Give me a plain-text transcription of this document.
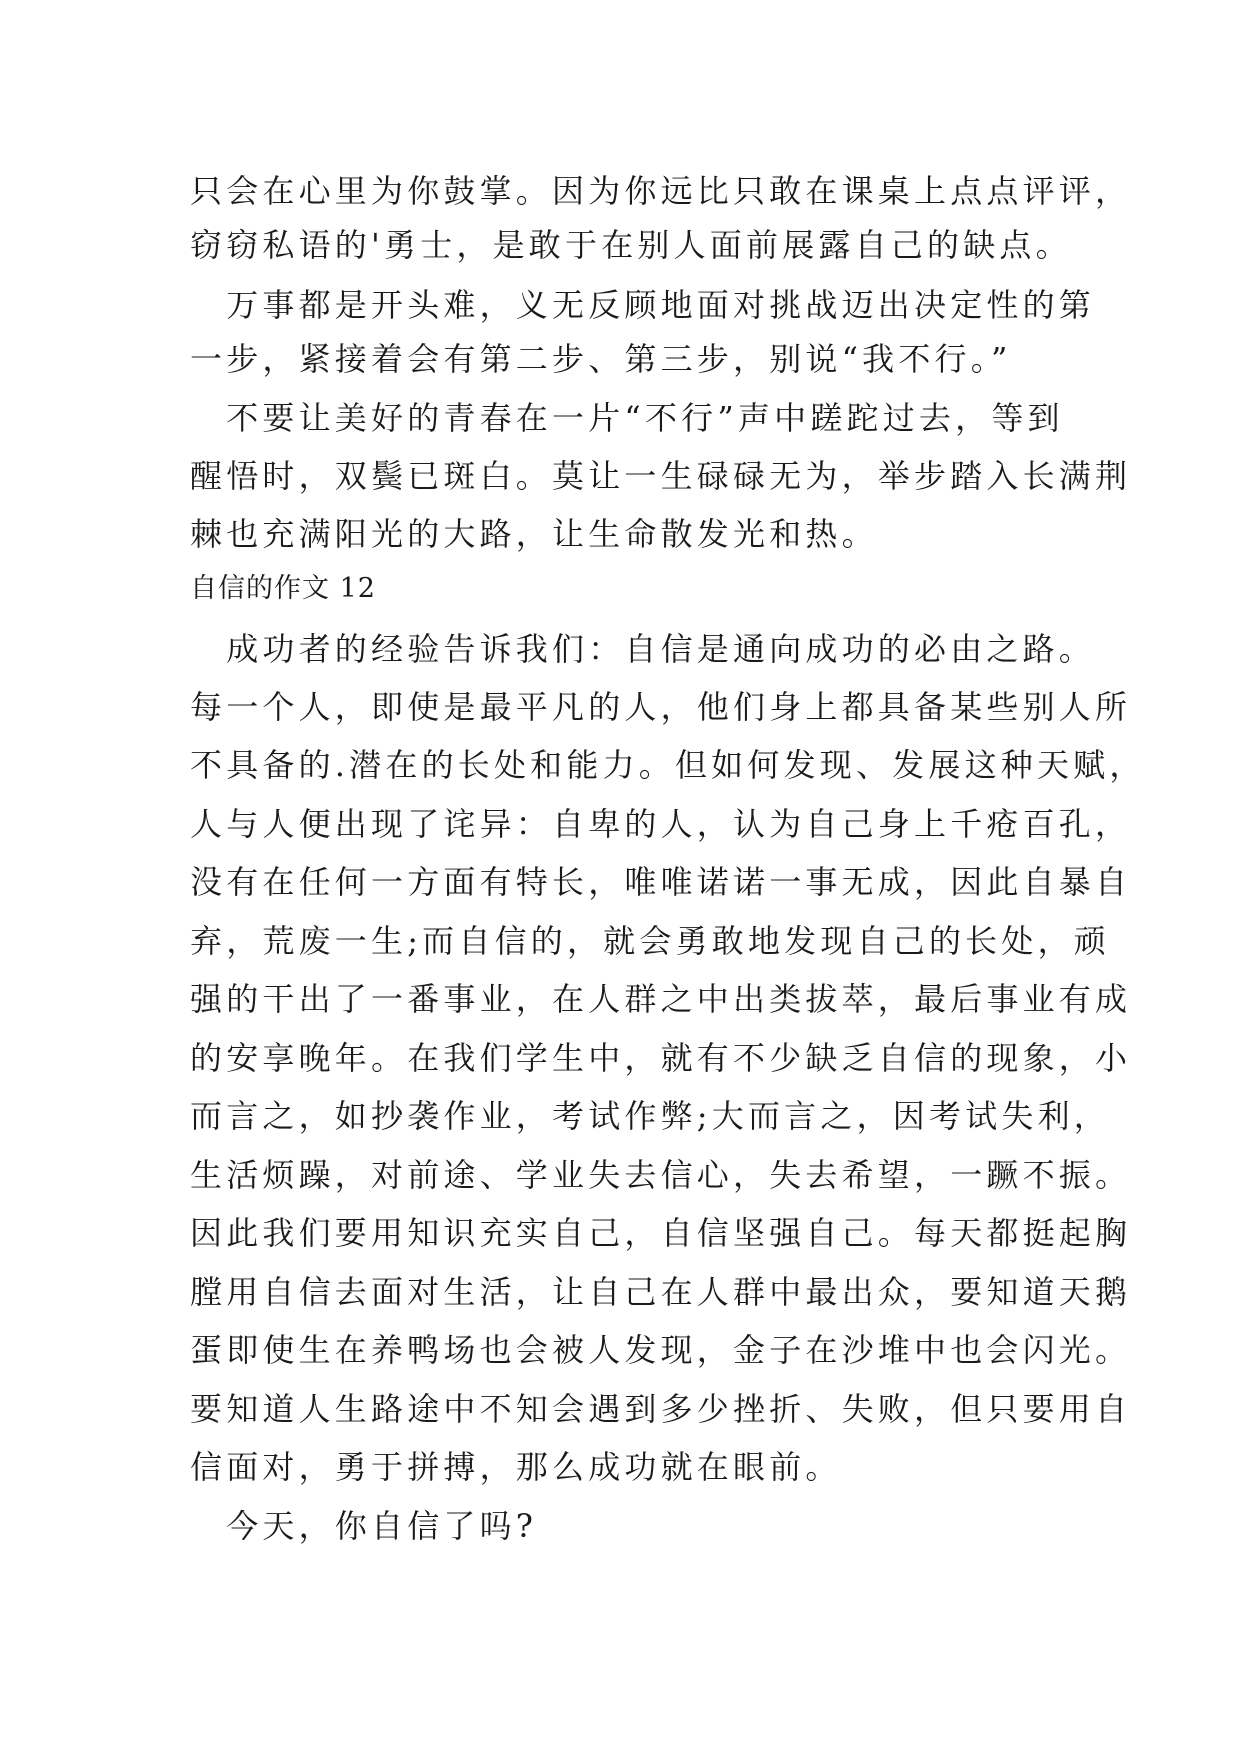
只会在心里为你鼓掌。因为你远比只敢在课桌上点点评评，
窃窃私语的'勇士，是敢于在别人面前展露自己的缺点。
　万事都是开头难，义无反顾地面对挑战迈出决定性的第
一步，紧接着会有第二步、第三步，别说“我不行。”
　不要让美好的青春在一片“不行”声中蹉跎过去，等到
醒悟时，双鬓已斑白。莫让一生碌碌无为，举步踏入长满荆
棘也充满阳光的大路，让生命散发光和热。
自信的作文 12
　成功者的经验告诉我们：自信是通向成功的必由之路。
每一个人，即使是最平凡的人，他们身上都具备某些别人所
不具备的.潜在的长处和能力。但如何发现、发展这种天赋，
人与人便出现了诧异：自卑的人，认为自己身上千疮百孔，
没有在任何一方面有特长，唯唯诺诺一事无成，因此自暴自
弃，荒废一生;而自信的，就会勇敢地发现自己的长处，顽
强的干出了一番事业，在人群之中出类拔萃，最后事业有成
的安享晚年。在我们学生中，就有不少缺乏自信的现象，小
而言之，如抄袭作业，考试作弊;大而言之，因考试失利，
生活烦躁，对前途、学业失去信心，失去希望，一蹶不振。
因此我们要用知识充实自己，自信坚强自己。每天都挺起胸
膛用自信去面对生活，让自己在人群中最出众，要知道天鹅
蛋即使生在养鸭场也会被人发现，金子在沙堆中也会闪光。
要知道人生路途中不知会遇到多少挫折、失败，但只要用自
信面对，勇于拼搏，那么成功就在眼前。
　今天，你自信了吗?
